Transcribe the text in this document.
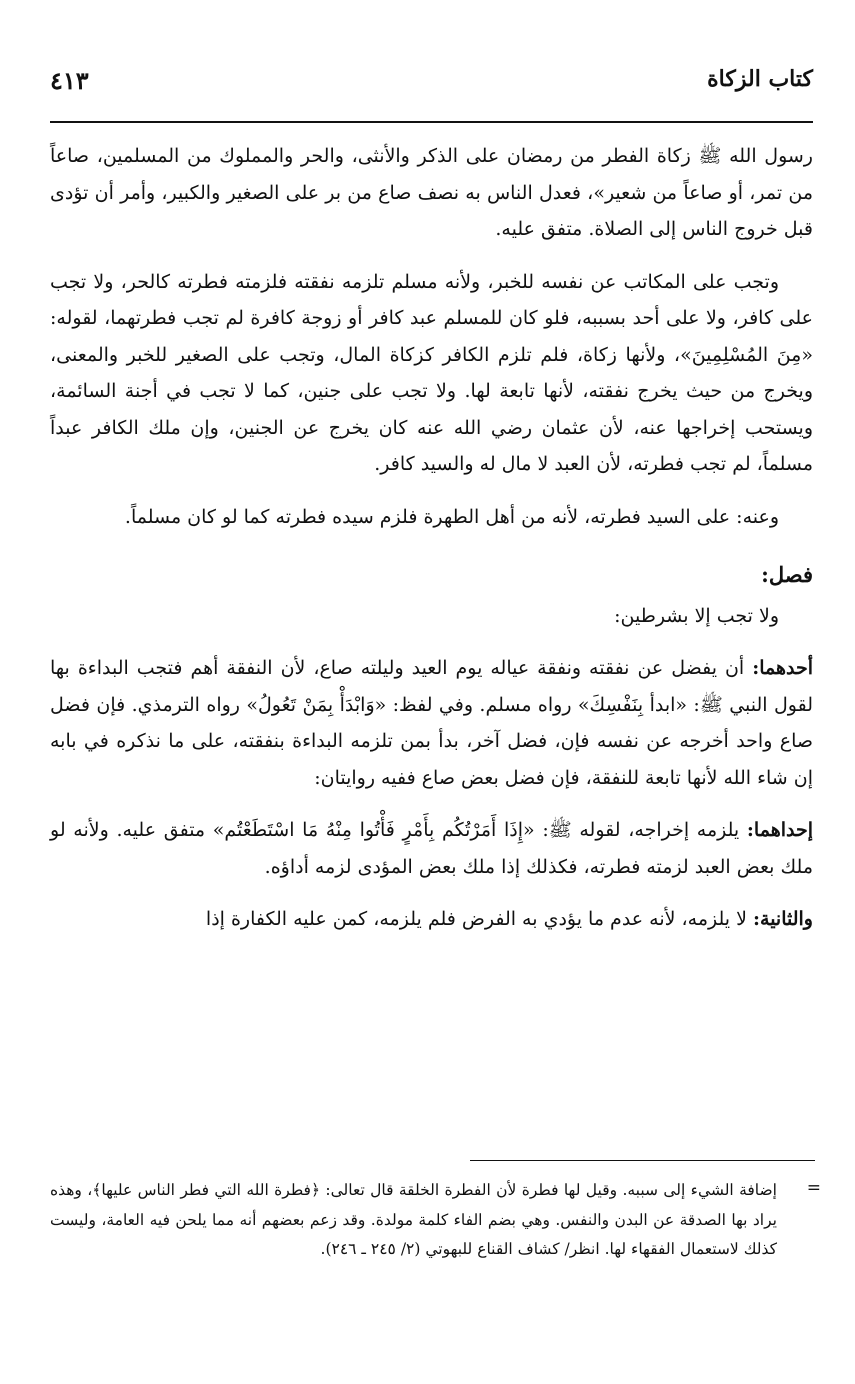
كتاب الزكاة
٤١٣

رسول الله ﷺ زكاة الفطر من رمضان على الذكر والأنثى، والحر والمملوك من المسلمين، صاعاً من تمر، أو صاعاً من شعير»، فعدل الناس به نصف صاع من بر على الصغير والكبير، وأمر أن تؤدى قبل خروج الناس إلى الصلاة. متفق عليه.

وتجب على المكاتب عن نفسه للخبر، ولأنه مسلم تلزمه نفقته فلزمته فطرته كالحر، ولا تجب على كافر، ولا على أحد بسببه، فلو كان للمسلم عبد كافر أو زوجة كافرة لم تجب فطرتهما، لقوله: «مِنَ المُسْلِمِينَ»، ولأنها زكاة، فلم تلزم الكافر كزكاة المال، وتجب على الصغير للخبر والمعنى، ويخرج من حيث يخرج نفقته، لأنها تابعة لها. ولا تجب على جنين، كما لا تجب في أجنة السائمة، ويستحب إخراجها عنه، لأن عثمان رضي الله عنه كان يخرج عن الجنين، وإن ملك الكافر عبداً مسلماً، لم تجب فطرته، لأن العبد لا مال له والسيد كافر.

وعنه: على السيد فطرته، لأنه من أهل الطهرة فلزم سيده فطرته كما لو كان مسلماً.

فصل:

ولا تجب إلا بشرطين:

أحدهما: أن يفضل عن نفقته ونفقة عياله يوم العيد وليلته صاع، لأن النفقة أهم فتجب البداءة بها لقول النبي ﷺ: «ابدأ بِنَفْسِكَ» رواه مسلم. وفي لفظ: «وَابْدَأْ بِمَنْ تَعُولُ» رواه الترمذي. فإن فضل صاع واحد أخرجه عن نفسه فإن، فضل آخر، بدأ بمن تلزمه البداءة بنفقته، على ما نذكره في بابه إن شاء الله لأنها تابعة للنفقة، فإن فضل بعض صاع ففيه روايتان:

إحداهما: يلزمه إخراجه، لقوله ﷺ: «إِذَا أَمَرْتُكُم بِأَمْرٍ فَأْتُوا مِنْهُ مَا اسْتَطَعْتُم» متفق عليه. ولأنه لو ملك بعض العبد لزمته فطرته، فكذلك إذا ملك بعض المؤدى لزمه أداؤه.

والثانية: لا يلزمه، لأنه عدم ما يؤدي به الفرض فلم يلزمه، كمن عليه الكفارة إذا

=
إضافة الشيء إلى سببه. وقيل لها فطرة لأن الفطرة الخلقة قال تعالى: ﴿فطرة الله التي فطر الناس عليها﴾، وهذه يراد بها الصدقة عن البدن والنفس. وهي بضم الفاء كلمة مولدة. وقد زعم بعضهم أنه مما يلحن فيه العامة، وليست كذلك لاستعمال الفقهاء لها. انظر/ كشاف القناع للبهوتي (٢/ ٢٤٥ ـ ٢٤٦).
